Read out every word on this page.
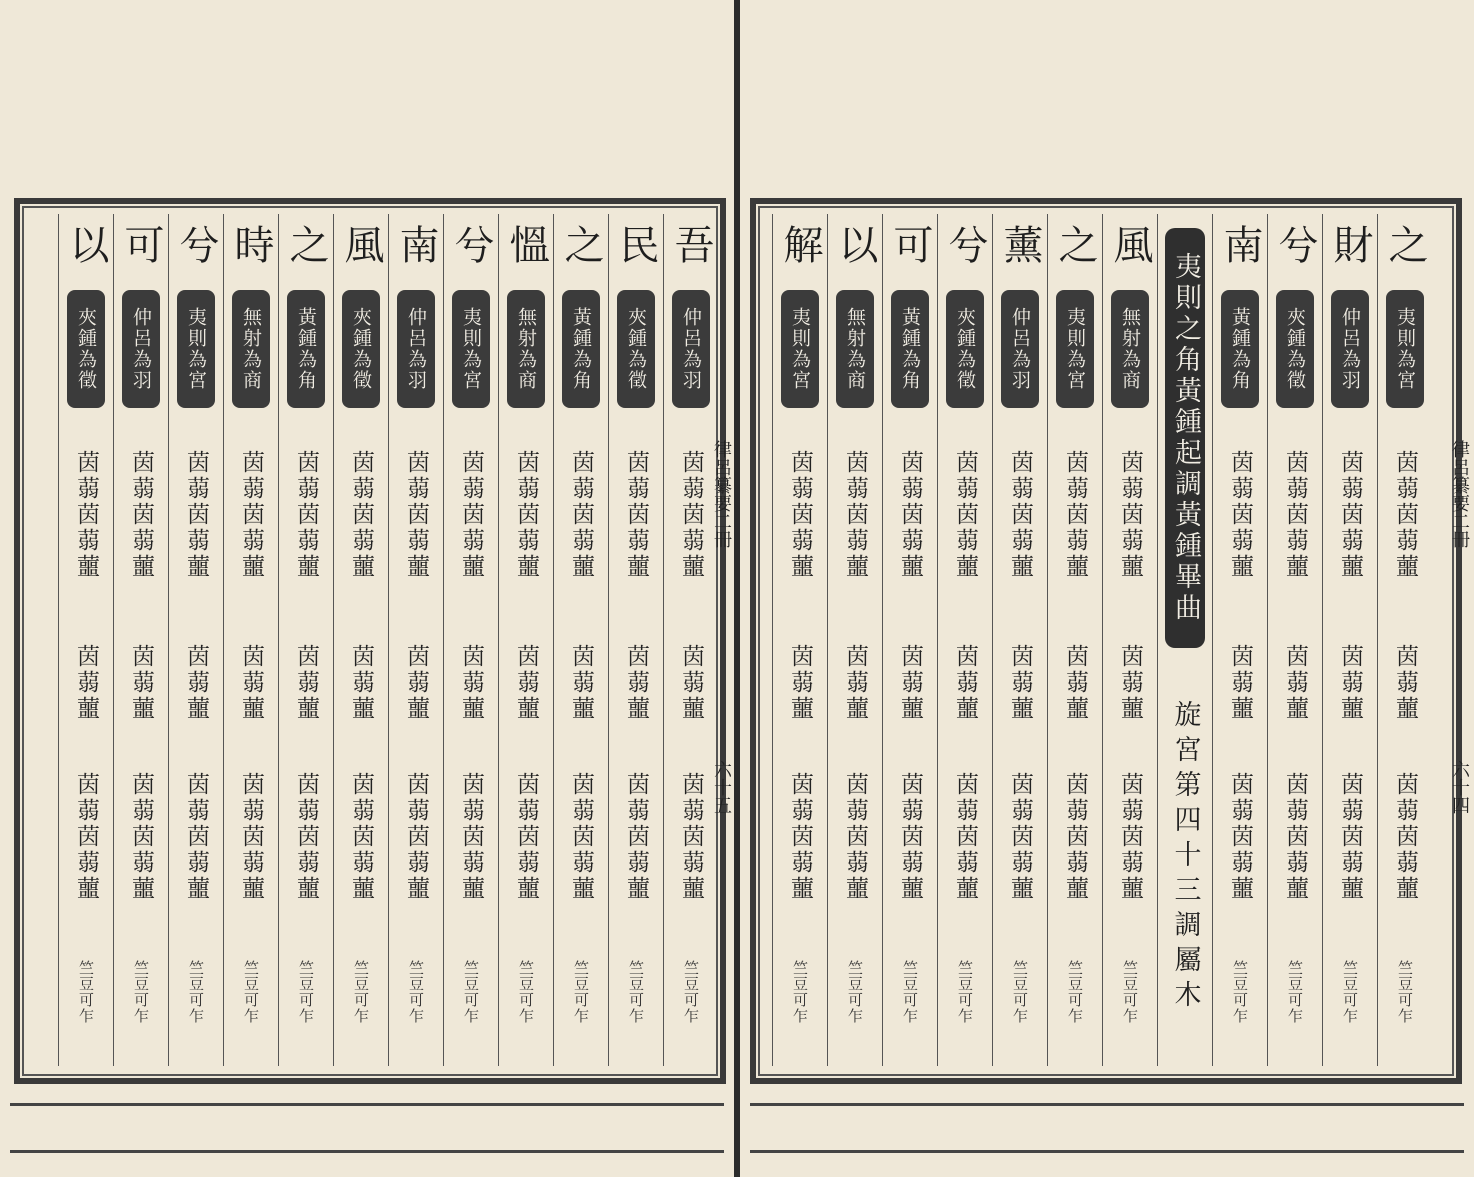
吾
仲呂為羽
茵蒻茵蒻蘁
茵蒻蘁
茵蒻茵蒻蘁
竺豆可乍
民
夾鍾為徵
茵蒻茵蒻蘁
茵蒻蘁
茵蒻茵蒻蘁
竺豆可乍
之
黃鍾為角
茵蒻茵蒻蘁
茵蒻蘁
茵蒻茵蒻蘁
竺豆可乍
慍
無射為商
茵蒻茵蒻蘁
茵蒻蘁
茵蒻茵蒻蘁
竺豆可乍
兮
夷則為宮
茵蒻茵蒻蘁
茵蒻蘁
茵蒻茵蒻蘁
竺豆可乍
南
仲呂為羽
茵蒻茵蒻蘁
茵蒻蘁
茵蒻茵蒻蘁
竺豆可乍
風
夾鍾為徵
茵蒻茵蒻蘁
茵蒻蘁
茵蒻茵蒻蘁
竺豆可乍
之
黃鍾為角
茵蒻茵蒻蘁
茵蒻蘁
茵蒻茵蒻蘁
竺豆可乍
時
無射為商
茵蒻茵蒻蘁
茵蒻蘁
茵蒻茵蒻蘁
竺豆可乍
兮
夷則為宮
茵蒻茵蒻蘁
茵蒻蘁
茵蒻茵蒻蘁
竺豆可乍
可
仲呂為羽
茵蒻茵蒻蘁
茵蒻蘁
茵蒻茵蒻蘁
竺豆可乍
以
夾鍾為徵
茵蒻茵蒻蘁
茵蒻蘁
茵蒻茵蒻蘁
竺豆可乍
律呂纂要二冊
六十五
之
夷則為宮
茵蒻茵蒻蘁
茵蒻蘁
茵蒻茵蒻蘁
竺豆可乍
財
仲呂為羽
茵蒻茵蒻蘁
茵蒻蘁
茵蒻茵蒻蘁
竺豆可乍
兮
夾鍾為徵
茵蒻茵蒻蘁
茵蒻蘁
茵蒻茵蒻蘁
竺豆可乍
南
黃鍾為角
茵蒻茵蒻蘁
茵蒻蘁
茵蒻茵蒻蘁
竺豆可乍
夷則之角黃鍾起調黃鍾畢曲
旋宮第四十三調屬木
風
無射為商
茵蒻茵蒻蘁
茵蒻蘁
茵蒻茵蒻蘁
竺豆可乍
之
夷則為宮
茵蒻茵蒻蘁
茵蒻蘁
茵蒻茵蒻蘁
竺豆可乍
薰
仲呂為羽
茵蒻茵蒻蘁
茵蒻蘁
茵蒻茵蒻蘁
竺豆可乍
兮
夾鍾為徵
茵蒻茵蒻蘁
茵蒻蘁
茵蒻茵蒻蘁
竺豆可乍
可
黃鍾為角
茵蒻茵蒻蘁
茵蒻蘁
茵蒻茵蒻蘁
竺豆可乍
以
無射為商
茵蒻茵蒻蘁
茵蒻蘁
茵蒻茵蒻蘁
竺豆可乍
解
夷則為宮
茵蒻茵蒻蘁
茵蒻蘁
茵蒻茵蒻蘁
竺豆可乍
律呂纂要二冊
六十四
